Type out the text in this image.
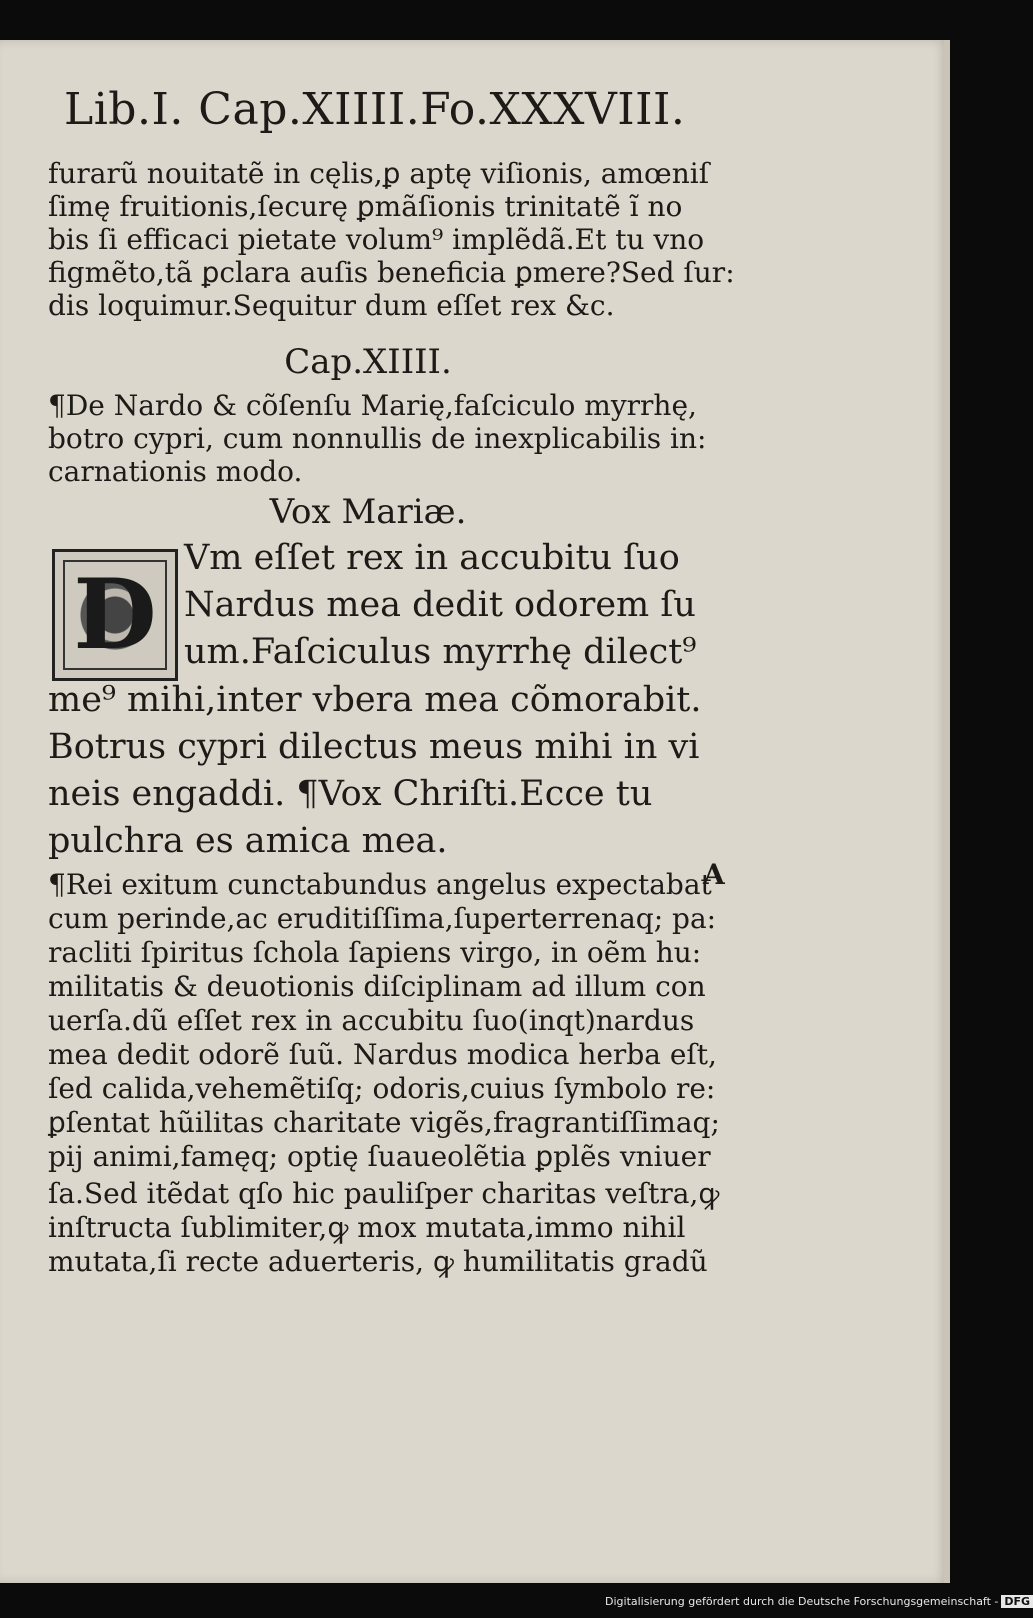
Lib.I. Cap.XIIII.Fo.XXXVIII.
furarũ nouitatẽ in cęlis,ꝑ aptę viſionis, amœniſ
ſimę fruitionis,ſecurę ꝑmãſionis trinitatẽ ĩ no
bis ſi efficaci pietate volum⁹ implẽdã.Et tu vno
figmẽto,tã ꝑclara auſis beneficia ꝑmere?Sed ſur:
dis loquimur.Sequitur dum eſſet rex &c.
Cap.XIIII.
¶De Nardo & cõſenſu Marię,faſciculo myrrhę,
botro cypri, cum nonnullis de inexplicabilis in:
carnationis modo.
Vox Mariæ.
D Vm eſſet rex in accubitu ſuo
Nardus mea dedit odorem ſu
um.Faſciculus myrrhę dilect⁹
me⁹ mihi,inter vbera mea cõmorabit.
Botrus cypri dilectus meus mihi in vi
neis engaddi. ¶Vox Chriſti.Ecce tu
pulchra es amica mea.
A
¶Rei exitum cunctabundus angelus expectabat
cum perinde,ac eruditiſſima,ſuperterrenaq; pa:
racliti ſpiritus ſchola ſapiens virgo, in oẽm hu:
militatis & deuotionis diſciplinam ad illum con
uerſa.dũ eſſet rex in accubitu ſuo(inqt)nardus
mea dedit odorẽ ſuũ. Nardus modica herba eſt,
ſed calida,vehemẽtiſq; odoris,cuius ſymbolo re:
ꝑſentat hũilitas charitate vigẽs,fragrantiſſimaq;
pij animi,famęq; optię ſuaueolẽtia ꝑplẽs vniuer
ſa.Sed itẽdat qſo hic pauliſper charitas veſtra,ꝙ
inſtructa ſublimiter,ꝙ mox mutata,immo nihil
mutata,ſi recte aduerteris, ꝙ humilitatis gradũ
Digitalisierung gefördert durch die Deutsche Forschungsgemeinschaft - DFG
